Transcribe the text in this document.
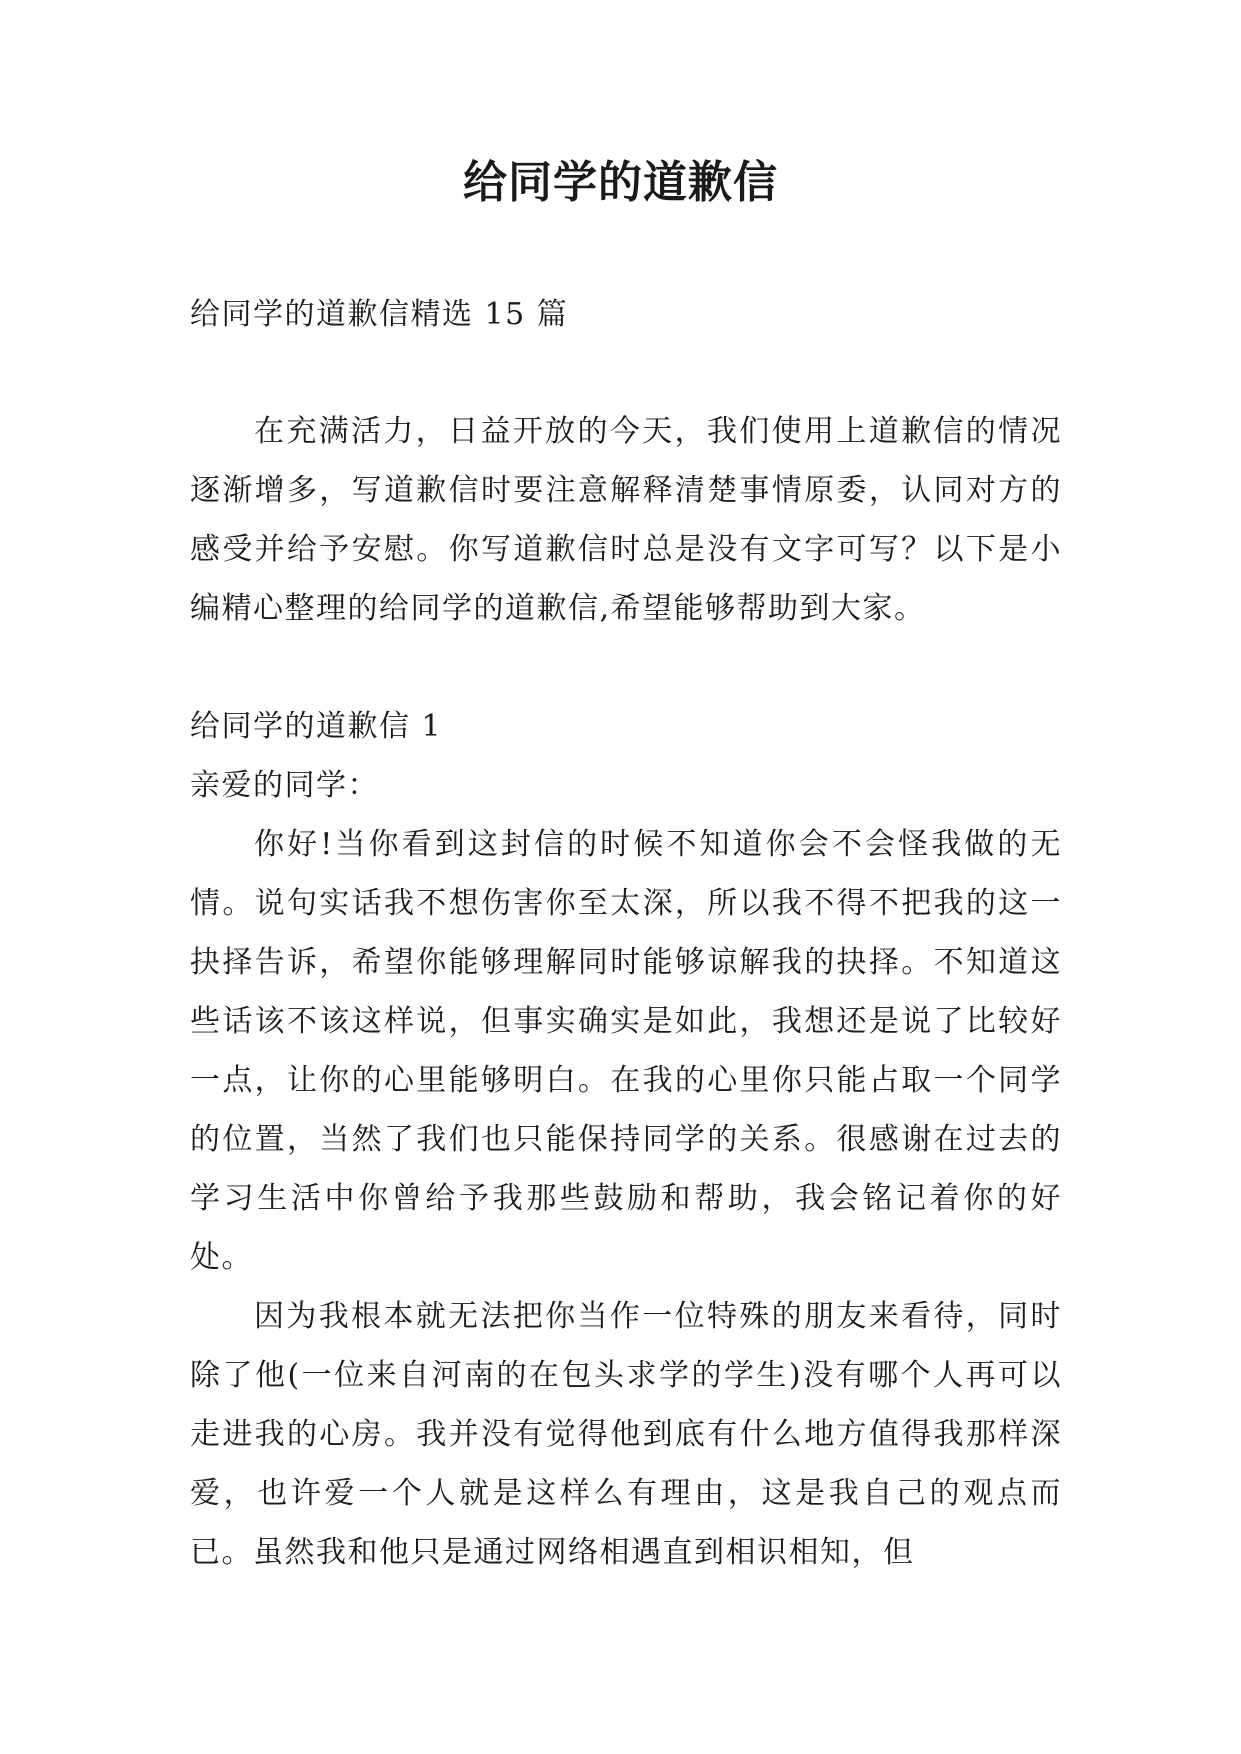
给同学的道歉信

给同学的道歉信精选 15 篇

在充满活力，日益开放的今天，我们使用上道歉信的情况逐渐增多，写道歉信时要注意解释清楚事情原委，认同对方的感受并给予安慰。你写道歉信时总是没有文字可写？以下是小编精心整理的给同学的道歉信,希望能够帮助到大家。

给同学的道歉信 1

亲爱的同学：

你好!当你看到这封信的时候不知道你会不会怪我做的无情。说句实话我不想伤害你至太深，所以我不得不把我的这一抉择告诉，希望你能够理解同时能够谅解我的抉择。不知道这些话该不该这样说，但事实确实是如此，我想还是说了比较好一点，让你的心里能够明白。在我的心里你只能占取一个同学的位置，当然了我们也只能保持同学的关系。很感谢在过去的学习生活中你曾给予我那些鼓励和帮助，我会铭记着你的好处。

因为我根本就无法把你当作一位特殊的朋友来看待，同时除了他(一位来自河南的在包头求学的学生)没有哪个人再可以走进我的心房。我并没有觉得他到底有什么地方值得我那样深爱，也许爱一个人就是这样么有理由，这是我自己的观点而已。虽然我和他只是通过网络相遇直到相识相知，但
